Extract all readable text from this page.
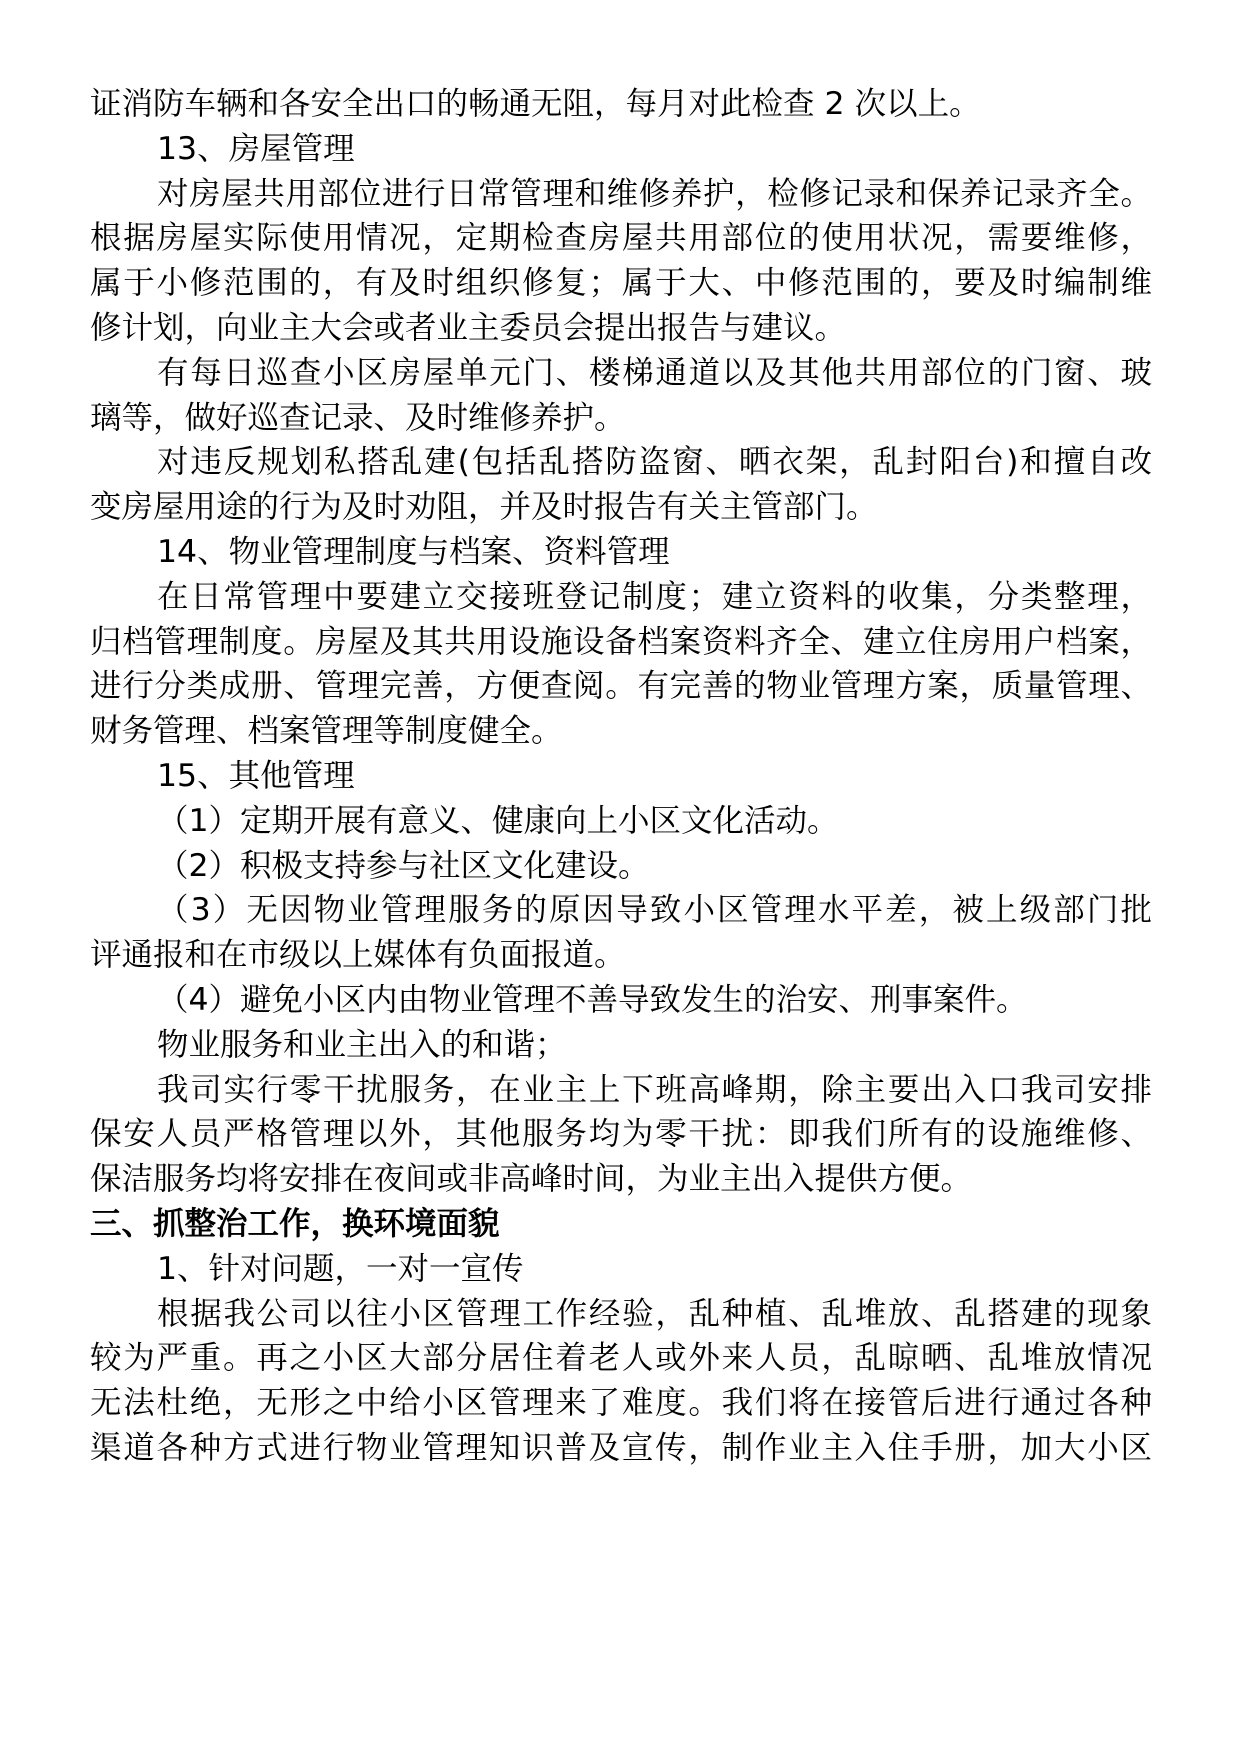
证消防车辆和各安全出口的畅通无阻，每月对此检查 2 次以上。
13、房屋管理
对房屋共用部位进行日常管理和维修养护，检修记录和保养记录齐全。
根据房屋实际使用情况，定期检查房屋共用部位的使用状况，需要维修，
属于小修范围的，有及时组织修复；属于大、中修范围的，要及时编制维
修计划，向业主大会或者业主委员会提出报告与建议。
有每日巡查小区房屋单元门、楼梯通道以及其他共用部位的门窗、玻
璃等，做好巡查记录、及时维修养护。
对违反规划私搭乱建(包括乱搭防盗窗、晒衣架，乱封阳台)和擅自改
变房屋用途的行为及时劝阻，并及时报告有关主管部门。
14、物业管理制度与档案、资料管理
在日常管理中要建立交接班登记制度；建立资料的收集，分类整理，
归档管理制度。房屋及其共用设施设备档案资料齐全、建立住房用户档案，
进行分类成册、管理完善，方便查阅。有完善的物业管理方案，质量管理、
财务管理、档案管理等制度健全。
15、其他管理
（1）定期开展有意义、健康向上小区文化活动。
（2）积极支持参与社区文化建设。
（3）无因物业管理服务的原因导致小区管理水平差，被上级部门批
评通报和在市级以上媒体有负面报道。
（4）避免小区内由物业管理不善导致发生的治安、刑事案件。
物业服务和业主出入的和谐；
我司实行零干扰服务，在业主上下班高峰期，除主要出入口我司安排
保安人员严格管理以外，其他服务均为零干扰：即我们所有的设施维修、
保洁服务均将安排在夜间或非高峰时间，为业主出入提供方便。
三、抓整治工作，换环境面貌
1、针对问题，一对一宣传
根据我公司以往小区管理工作经验，乱种植、乱堆放、乱搭建的现象
较为严重。再之小区大部分居住着老人或外来人员，乱晾晒、乱堆放情况
无法杜绝，无形之中给小区管理来了难度。我们将在接管后进行通过各种
渠道各种方式进行物业管理知识普及宣传，制作业主入住手册，加大小区
